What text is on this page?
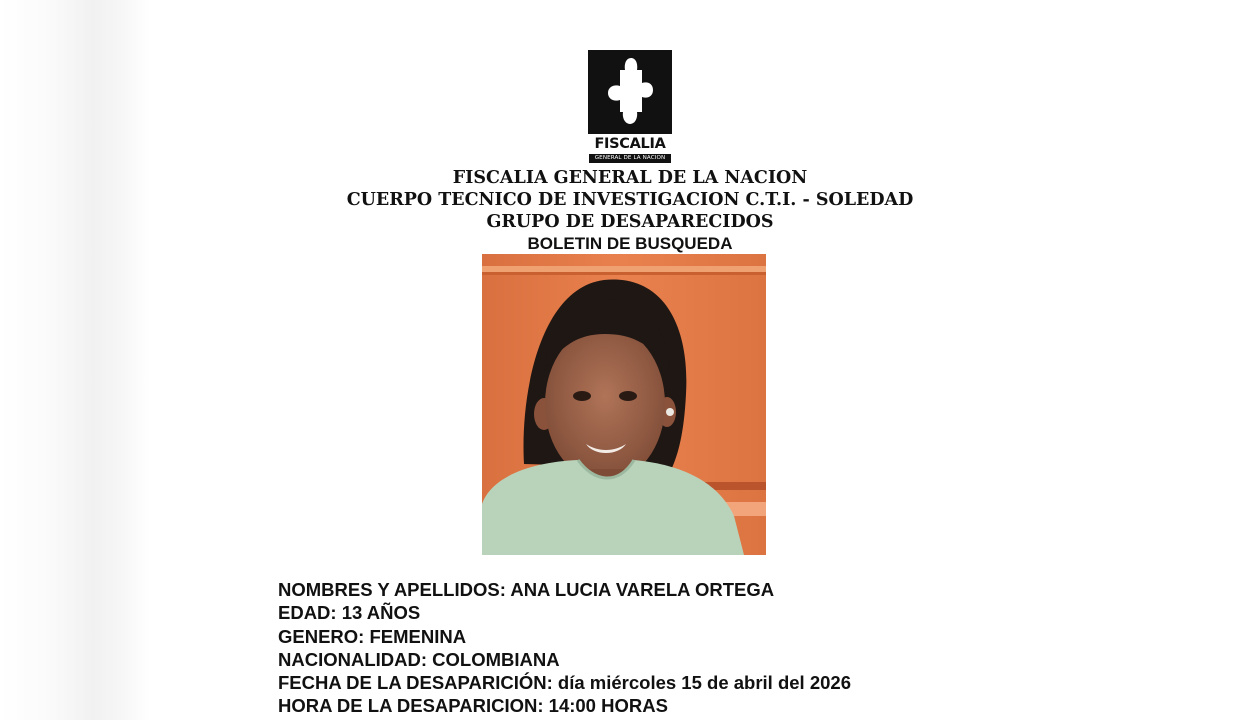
FISCALIA
GENERAL DE LA NACION
FISCALIA GENERAL DE LA NACION
CUERPO TECNICO DE INVESTIGACION C.T.I. - SOLEDAD
GRUPO DE DESAPARECIDOS
BOLETIN DE BUSQUEDA
NOMBRES Y APELLIDOS: ANA LUCIA VARELA ORTEGA
EDAD: 13 AÑOS
GENERO: FEMENINA
NACIONALIDAD: COLOMBIANA
FECHA DE LA DESAPARICIÓN: día miércoles 15 de abril del 2026
HORA DE LA DESAPARICION: 14:00 HORAS
